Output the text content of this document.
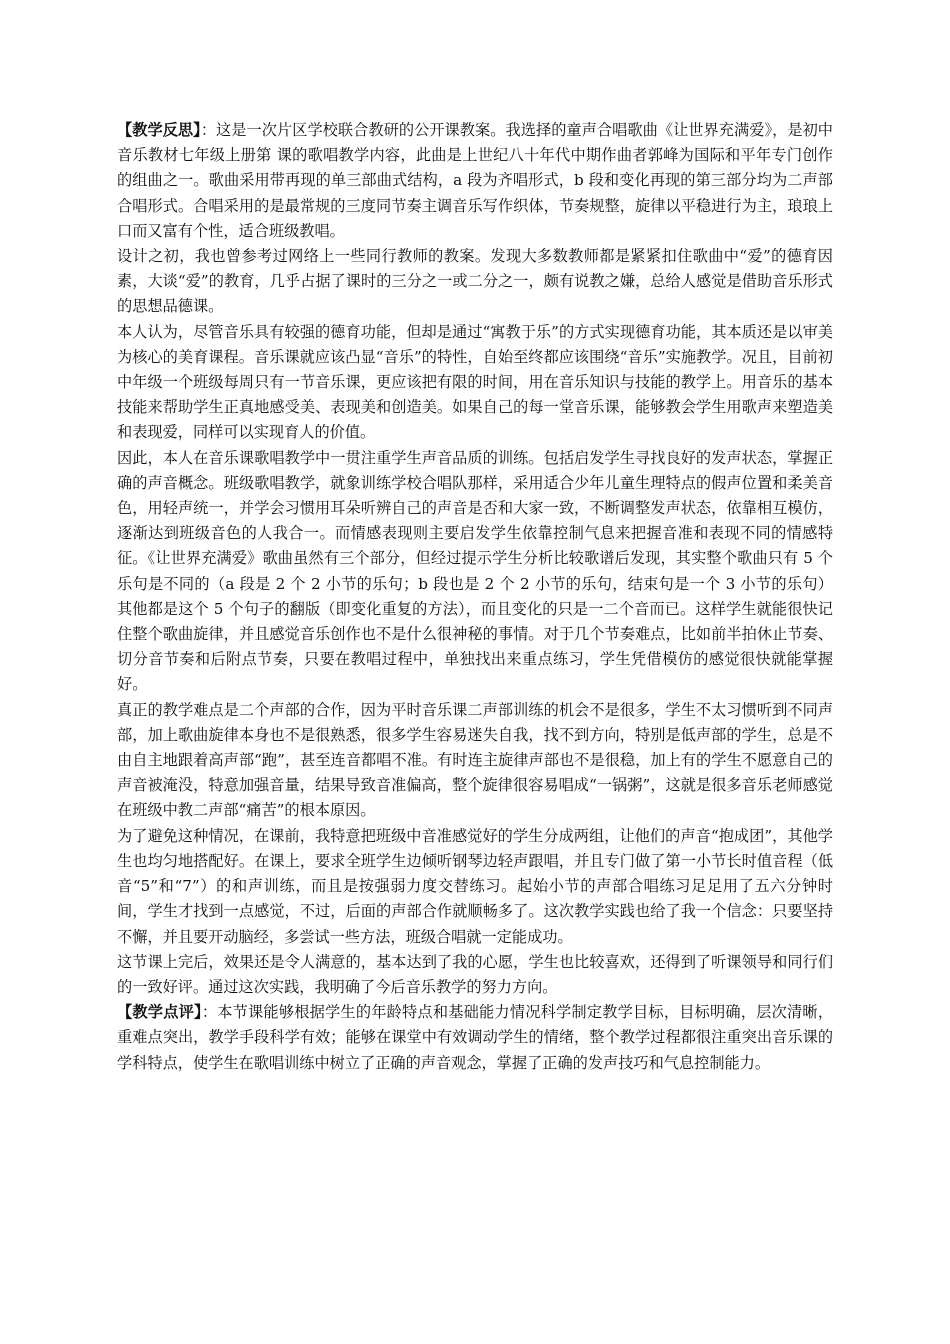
【教学反思】：这是一次片区学校联合教研的公开课教案。我选择的童声合唱歌曲《让世界充满爱》，是初中音乐教材七年级上册第 课的歌唱教学内容，此曲是上世纪八十年代中期作曲者郭峰为国际和平年专门创作的组曲之一。歌曲采用带再现的单三部曲式结构，a 段为齐唱形式，b 段和变化再现的第三部分均为二声部合唱形式。合唱采用的是最常规的三度同节奏主调音乐写作织体，节奏规整，旋律以平稳进行为主，琅琅上口而又富有个性，适合班级教唱。

设计之初，我也曾参考过网络上一些同行教师的教案。发现大多数教师都是紧紧扣住歌曲中“爱”的德育因素，大谈“爱”的教育，几乎占据了课时的三分之一或二分之一，颇有说教之嫌，总给人感觉是借助音乐形式的思想品德课。

本人认为，尽管音乐具有较强的德育功能，但却是通过“寓教于乐”的方式实现德育功能，其本质还是以审美为核心的美育课程。音乐课就应该凸显“音乐”的特性，自始至终都应该围绕“音乐”实施教学。况且，目前初中年级一个班级每周只有一节音乐课，更应该把有限的时间，用在音乐知识与技能的教学上。用音乐的基本技能来帮助学生正真地感受美、表现美和创造美。如果自己的每一堂音乐课，能够教会学生用歌声来塑造美和表现爱，同样可以实现育人的价值。

因此，本人在音乐课歌唱教学中一贯注重学生声音品质的训练。包括启发学生寻找良好的发声状态，掌握正确的声音概念。班级歌唱教学，就象训练学校合唱队那样，采用适合少年儿童生理特点的假声位置和柔美音色，用轻声统一，并学会习惯用耳朵听辨自己的声音是否和大家一致，不断调整发声状态，依靠相互模仿，逐渐达到班级音色的人我合一。而情感表现则主要启发学生依靠控制气息来把握音准和表现不同的情感特征。《让世界充满爱》歌曲虽然有三个部分，但经过提示学生分析比较歌谱后发现，其实整个歌曲只有 5 个乐句是不同的（a 段是 2 个 2 小节的乐句；b 段也是 2 个 2 小节的乐句，结束句是一个 3 小节的乐句）其他都是这个 5 个句子的翻版（即变化重复的方法），而且变化的只是一二个音而已。这样学生就能很快记住整个歌曲旋律，并且感觉音乐创作也不是什么很神秘的事情。对于几个节奏难点，比如前半拍休止节奏、切分音节奏和后附点节奏，只要在教唱过程中，单独找出来重点练习，学生凭借模仿的感觉很快就能掌握好。

真正的教学难点是二个声部的合作，因为平时音乐课二声部训练的机会不是很多，学生不太习惯听到不同声部，加上歌曲旋律本身也不是很熟悉，很多学生容易迷失自我，找不到方向，特别是低声部的学生，总是不由自主地跟着高声部“跑”，甚至连音都唱不准。有时连主旋律声部也不是很稳，加上有的学生不愿意自己的声音被淹没，特意加强音量，结果导致音准偏高，整个旋律很容易唱成“一锅粥”，这就是很多音乐老师感觉在班级中教二声部“痛苦”的根本原因。

为了避免这种情况，在课前，我特意把班级中音准感觉好的学生分成两组，让他们的声音“抱成团”，其他学生也均匀地搭配好。在课上，要求全班学生边倾听钢琴边轻声跟唱，并且专门做了第一小节长时值音程（低音“5”和“7”）的和声训练，而且是按强弱力度交替练习。起始小节的声部合唱练习足足用了五六分钟时间，学生才找到一点感觉，不过，后面的声部合作就顺畅多了。这次教学实践也给了我一个信念：只要坚持不懈，并且要开动脑经，多尝试一些方法，班级合唱就一定能成功。

这节课上完后，效果还是令人满意的，基本达到了我的心愿，学生也比较喜欢，还得到了听课领导和同行们的一致好评。通过这次实践，我明确了今后音乐教学的努力方向。

【教学点评】：本节课能够根据学生的年龄特点和基础能力情况科学制定教学目标，目标明确，层次清晰，重难点突出，教学手段科学有效；能够在课堂中有效调动学生的情绪，整个教学过程都很注重突出音乐课的学科特点，使学生在歌唱训练中树立了正确的声音观念，掌握了正确的发声技巧和气息控制能力。
